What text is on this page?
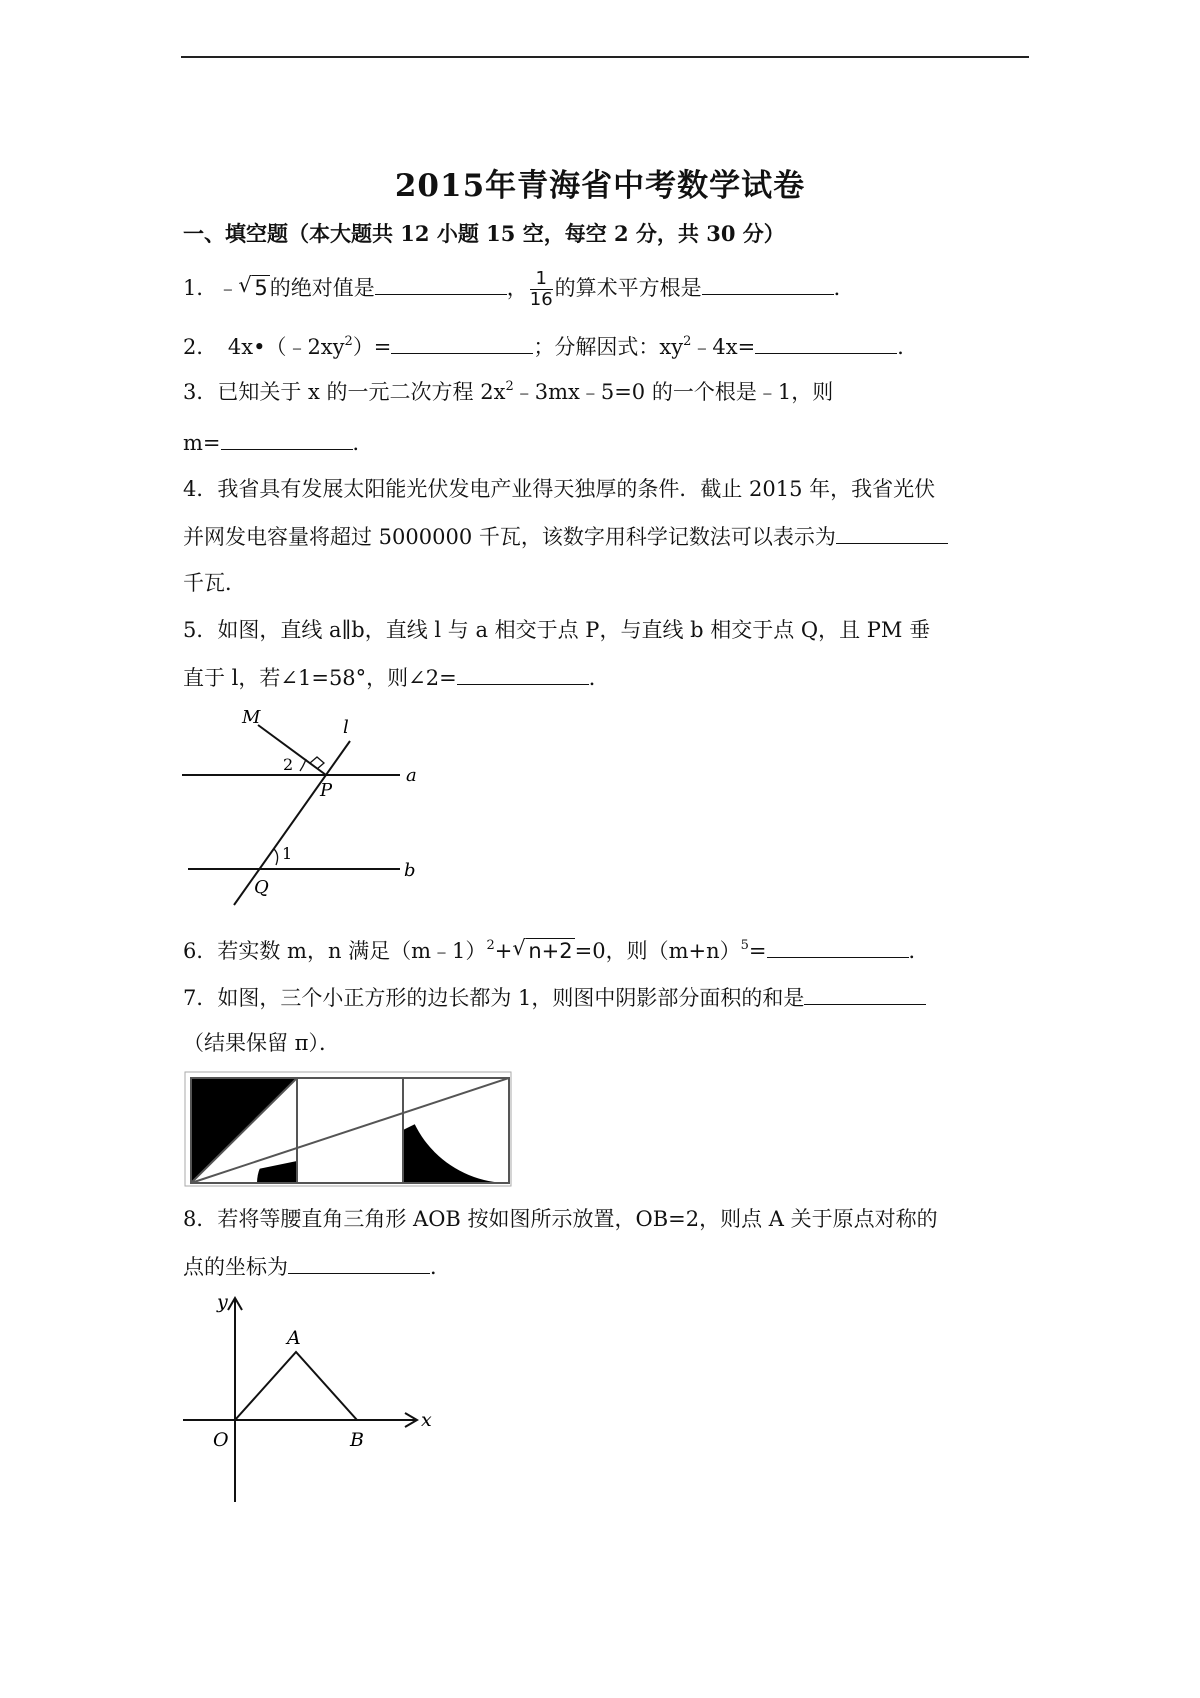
2015年青海省中考数学试卷
一、填空题（本大题共 12 小题 15 空，每空 2 分，共 30 分）
1．﹣ √ 5的绝对值是	， $\frac{1}{16}$ 的算术平方根是	．
2．　$4x•(﹣2xy^2)=$	；分解因式：$xy^2﹣4x=$	．
3．已知关于 x 的一元二次方程 $2x^2﹣3mx﹣5=0$ 的一个根是﹣1，则
m=	．
4．我省具有发展太阳能光伏发电产业得天独厚的条件．截止 2015 年，我省光伏
并网发电容量将超过 5000000 千瓦，该数字用科学记数法可以表示为
千瓦．
5．如图，直线 a∥b，直线 l 与 a 相交于点 P，与直线 b 相交于点 Q，且 PM 垂
直于 l，若∠1=58°，则∠2=	．
M	l
a
b
P
Q
1
2
6．若实数 m，n 满足（m﹣1）$^2$+ √ n+2=0，则$(m+n)^5=$	．
7．如图，三个小正方形的边长都为 1，则图中阴影部分面积的和是
（结果保留 π）．
8．若将等腰直角三角形 AOB 按如图所示放置，OB=2，则点 A 关于原点对称的
点的坐标为	．
y
x
A
O	B
